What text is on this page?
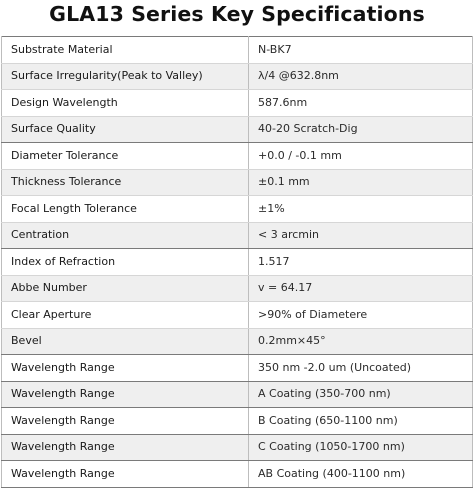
GLA13 Series Key Specifications
Substrate Material	N-BK7
Surface Irregularity(Peak to Valley)	λ/4 @632.8nm
Design Wavelength	587.6nm
Surface Quality	40-20 Scratch-Dig
Diameter Tolerance	+0.0 / -0.1 mm
Thickness Tolerance	±0.1 mm
Focal Length Tolerance	±1%
Centration	< 3 arcmin
Index of Refraction	1.517
Abbe Number	v = 64.17
Clear Aperture	>90% of Diametere
Bevel	0.2mm×45°
Wavelength Range	350 nm -2.0 um (Uncoated)
Wavelength Range	A Coating (350-700 nm)
Wavelength Range	B Coating (650-1100 nm)
Wavelength Range	C Coating (1050-1700 nm)
Wavelength Range	AB Coating (400-1100 nm)
